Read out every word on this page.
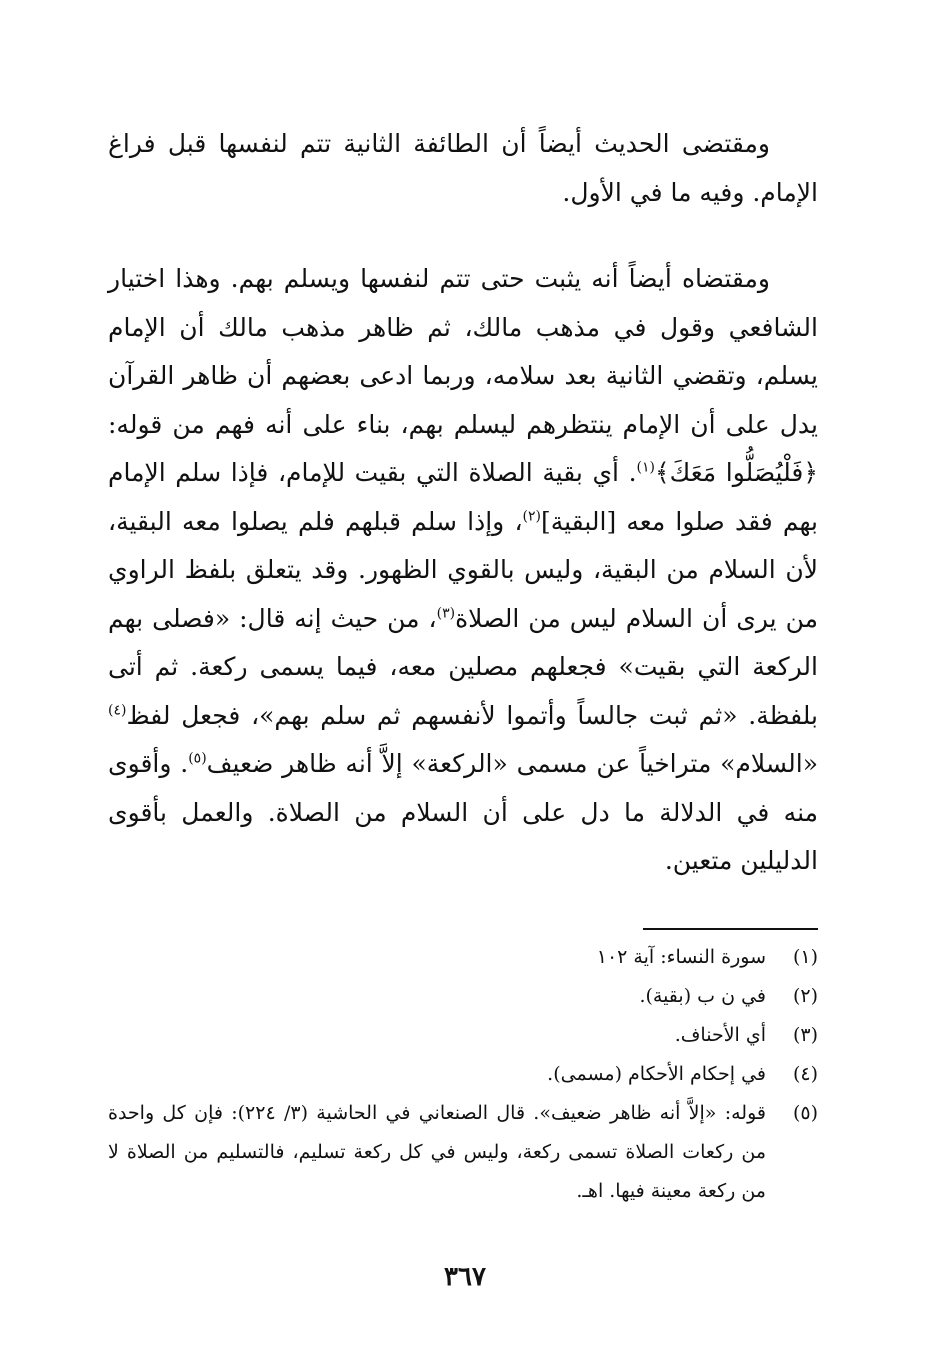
ومقتضى الحديث أيضاً أن الطائفة الثانية تتم لنفسها قبل فراغ الإمام. وفيه ما في الأول.

ومقتضاه أيضاً أنه يثبت حتى تتم لنفسها ويسلم بهم. وهذا اختيار الشافعي وقول في مذهب مالك، ثم ظاهر مذهب مالك أن الإمام يسلم، وتقضي الثانية بعد سلامه، وربما ادعى بعضهم أن ظاهر القرآن يدل على أن الإمام ينتظرهم ليسلم بهم، بناء على أنه فهم من قوله: ﴿فَلْيُصَلُّوا مَعَكَ﴾$^{(١)}$. أي بقية الصلاة التي بقيت للإمام، فإذا سلم الإمام بهم فقد صلوا معه [البقية]$^{(٢)}$، وإذا سلم قبلهم فلم يصلوا معه البقية، لأن السلام من البقية، وليس بالقوي الظهور. وقد يتعلق بلفظ الراوي من يرى أن السلام ليس من الصلاة$^{(٣)}$، من حيث إنه قال: «فصلى بهم الركعة التي بقيت» فجعلهم مصلين معه، فيما يسمى ركعة. ثم أتى بلفظة. «ثم ثبت جالساً وأتموا لأنفسهم ثم سلم بهم»، فجعل لفظ$^{(٤)}$ «السلام» متراخياً عن مسمى «الركعة» إلاَّ أنه ظاهر ضعيف$^{(٥)}$. وأقوى منه في الدلالة ما دل على أن السلام من الصلاة. والعمل بأقوى الدليلين متعين.

(١)
سورة النساء: آية ١٠٢
(٢)
في ن ب (بقية).
(٣)
أي الأحناف.
(٤)
في إحكام الأحكام (مسمى).
(٥)
قوله: «إلاَّ أنه ظاهر ضعيف». قال الصنعاني في الحاشية (٣/ ٢٢٤): فإن كل واحدة من ركعات الصلاة تسمى ركعة، وليس في كل ركعة تسليم، فالتسليم من الصلاة لا من ركعة معينة فيها. اهـ.
٣٦٧
